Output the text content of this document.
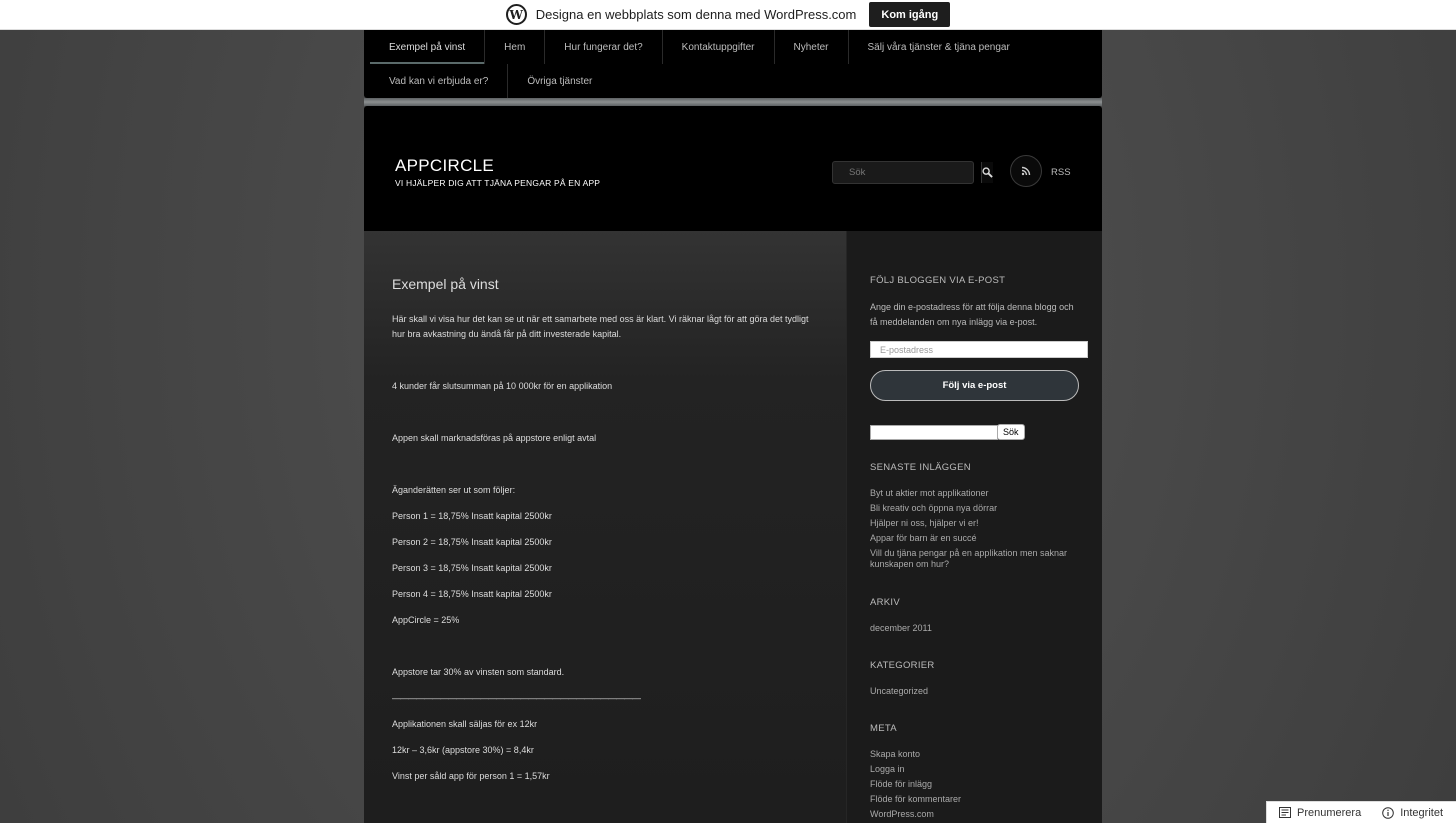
W Designa en webbplats som denna med WordPress.com	Kom igång
Exempel på vinst	Hem	Hur fungerar det?	Kontaktuppgifter	Nyheter	Sälj våra tjänster & tjäna pengar
Vad kan vi erbjuda er?	Övriga tjänster
APPCIRCLE
VI HJÄLPER DIG ATT TJÄNA PENGAR PÅ EN APP
Sök
RSS
Exempel på vinst

Här skall vi visa hur det kan se ut när ett samarbete med oss är klart. Vi räknar lågt för att göra det tydligt hur bra avkastning du ändå får på ditt investerade kapital.

4 kunder får slutsumman på 10 000kr för en applikation

Appen skall marknadsföras på appstore enligt avtal

Äganderätten ser ut som följer:

Person 1 = 18,75% Insatt kapital 2500kr

Person 2 = 18,75% Insatt kapital 2500kr

Person 3 = 18,75% Insatt kapital 2500kr

Person 4 = 18,75% Insatt kapital 2500kr

AppCircle = 25%

Appstore tar 30% av vinsten som standard.

———————————————————————————————

Applikationen skall säljas för ex 12kr

12kr – 3,6kr (appstore 30%) = 8,4kr

Vinst per såld app för person 1 = 1,57kr

FÖLJ BLOGGEN VIA E-POST

Ange din e-postadress för att följa denna blogg och få meddelanden om nya inlägg via e-post.

E-postadress
Följ via e-post
Sök
SENASTE INLÄGGEN
Byt ut aktier mot applikationer
Bli kreativ och öppna nya dörrar
Hjälper ni oss, hjälper vi er!
Appar för barn är en succé
Vill du tjäna pengar på en applikation men saknar kunskapen om hur?
ARKIV
december 2011
KATEGORIER
Uncategorized
META
Skapa konto
Logga in
Flöde för inlägg
Flöde för kommentarer
WordPress.com	Prenumerera	Integritet
